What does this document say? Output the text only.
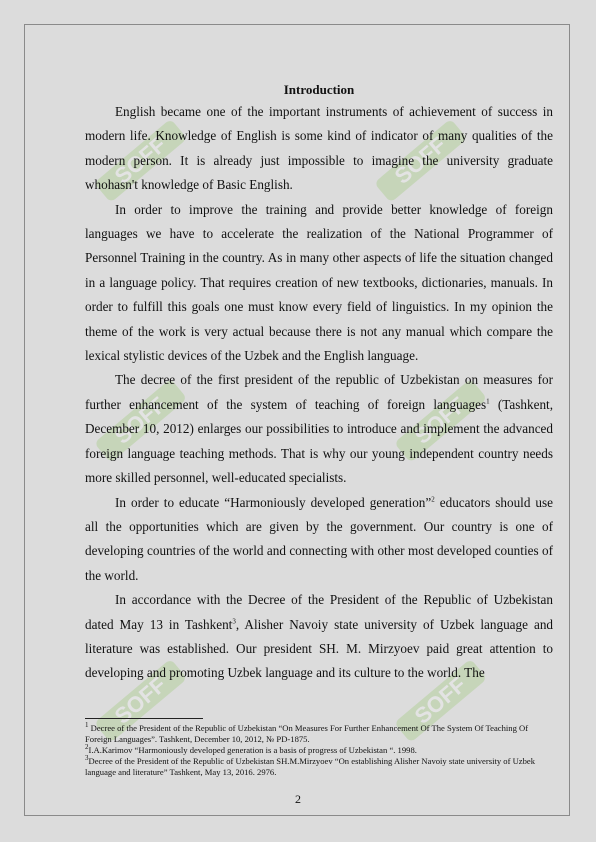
SOFF	SOFF
SOFF	SOFF
SOFF	SOFF
Introduction

English became one of the important instruments of achievement of success in modern life. Knowledge of English is some kind of indicator of many qualities of the modern person. It is already just impossible to imagine the university graduate whohasn't knowledge of Basic English.

In order to improve the training and provide better knowledge of foreign languages we have to accelerate the realization of the National Programmer of Personnel Training in the country. As in many other aspects of life the situation changed in a language policy. That requires creation of new textbooks, dictionaries, manuals. In order to fulfill this goals one must know every field of linguistics. In my opinion the theme of the work is very actual because there is not any manual which compare the lexical stylistic devices of the Uzbek and the English language.

The decree of the first president of the republic of Uzbekistan on measures for further enhancement of the system of teaching of foreign languages$^1$ (Tashkent, December 10, 2012) enlarges our possibilities to introduce and implement the advanced foreign language teaching methods. That is why our young independent country needs more skilled personnel, well-educated specialists.

In order to educate “Harmoniously developed generation”$^2$ educators should use all the opportunities which are given by the government. Our country is one of developing countries of the world and connecting with other most developed counties of the world.

In accordance with the Decree of the President of the Republic of Uzbekistan dated May 13 in Tashkent$^3$, Alisher Navoiy state university of Uzbek language and literature was established. Our president SH. M. Mirzyoev paid great attention to developing and promoting Uzbek language and its culture to the world. The

$^1$ Decree of the President of the Republic of Uzbekistan “On Measures For Further Enhancement Of The System Of Teaching Of Foreign Languages”. Tashkent, December 10, 2012, № PD-1875.
$^2$I.A.Karimov “Harmoniously developed generation is a basis of progress of Uzbekistan “. 1998.
$^3$Decree of the President of the Republic of Uzbekistan SH.M.Mirzyoev “On establishing Alisher Navoiy state university of Uzbek language and literature” Tashkent, May 13, 2016. 2976.
2
